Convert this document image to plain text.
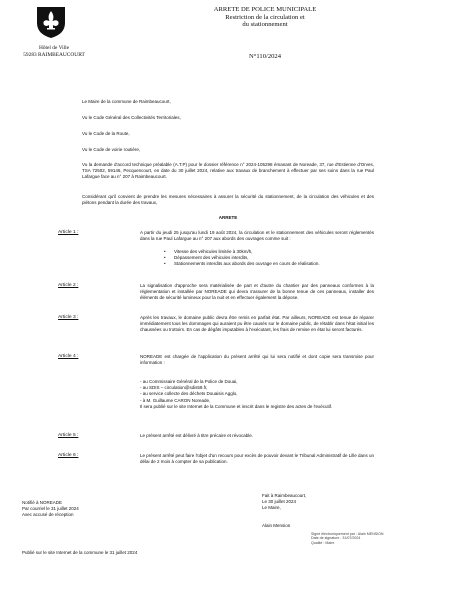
Hôtel de Ville
59283 RAIMBEAUCOURT
ARRETE DE POLICE MUNICIPALE
Restriction de la circulation et
du stationnement
N°110/2024
Le Maire de la commune de Raimbeaucourt,
Vu le Code Général des Collectivités Territoriales,
Vu le Code de la Route,
Vu le Code de voirie routière,
Vu la demande d'accord technique préalable (A.T.P) pour le dossier référence n° 2024-105298 émanant de Noreade, 37, rue d'Estienne d'Orves, TSA 72502, 59146, Pecquencourt, en date du 30 juillet 2024, relative aux travaux de branchement à effectuer par ses soins dans la rue Paul Lafargue face au n° 207 à Raimbeaucourt.
Considérant qu'il convient de prendre les mesures nécessaires à assurer la sécurité du stationnement, de la circulation des véhicules et des piétons pendant la durée des travaux,
ARRETE
Article 1 :	A partir du jeudi 25 jusqu'au lundi 19 août 2024, la circulation et le stationnement des véhicules seront réglementés dans la rue Paul Lafargue au n° 207 aux abords des ouvrages comme suit :
• Vitesse des véhicules limitée à 30km/h,
• Dépassement des véhicules interdits,
• Stationnements interdits aux abords des ouvrage en cours de réalisation.
Article 2 :	La signalisation d'approche sera matérialisée de part et d'autre du chantier par des panneaux conformes à la réglementation et installée par NOREADE qui devra s'assurer de la bonne tenue de ces panneaux, installer des éléments de sécurité lumineux pour la nuit et en effectuer également la dépose.
Article 3 :	Après les travaux, le domaine public devra être remis en parfait état. Par ailleurs, NOREADE est tenue de réparer immédiatement tous les dommages qui auraient pu être causés sur le domaine public, de rétablir dans l'état initial les chaussées ou trottoirs. En cas de dégâts imputables à l'exécutant, les frais de remise en état lui seront facturés.
Article 4 :	NOREADE est chargée de l'application du présent arrêté qui lui sera notifié et dont copie sera transmise pour information :
- au Commissaire Général de la Police de Douai,
- au SDIS – circulation@sdis59.fr,
- au service collecte des déchets Douaisis Agglo,
- à M. Guillaume CARON Noreade,
Il sera publié sur le site Internet de la Commune et inscrit dans le registre des actes de l'exécutif.
Article 5 :	Le présent arrêté est délivré à titre précaire et révocable.
Article 6 :	Le présent arrêté peut faire l'objet d'un recours pour excès de pouvoir devant le Tribunal Administratif de Lille dans un délai de 2 mois à compter de sa publication.
Notifié à NOREADE
Par courriel le 31 juillet 2024
Avec accusé de réception
Fait à Raimbeaucourt,
Le 30 juillet 2024
Le Maire,
Alain Mension
Signé électroniquement par : Alain MENSION
Date de signature : 31/07/2024
Qualité : Maire
Publié sur le site Internet de la commune le 31 juillet 2024
